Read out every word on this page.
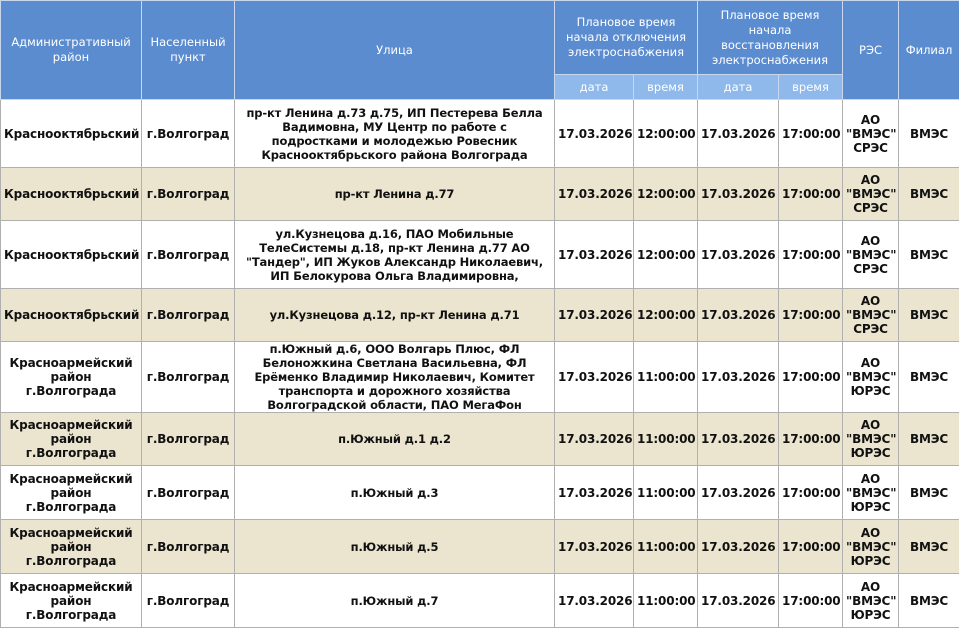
Административный район	Населенный пункт	Улица	Плановое время начала отключения электроснабжения		Плановое время начала восстановления электроснабжения		РЭС	Филиал
			дата	время	дата	время		
Краснооктябрьский	г.Волгоград	пр-кт Ленина д.73 д.75, ИП Пестерева Белла Вадимовна, МУ Центр по работе с подростками и молодежью Ровесник Краснооктябрьского района Волгограда	17.03.2026	12:00:00	17.03.2026	17:00:00	АО "ВМЭС" СРЭС	ВМЭС
Краснооктябрьский	г.Волгоград	пр-кт Ленина д.77	17.03.2026	12:00:00	17.03.2026	17:00:00	АО "ВМЭС" СРЭС	ВМЭС
Краснооктябрьский	г.Волгоград	ул.Кузнецова д.16, ПАО Мобильные ТелеСистемы д.18, пр-кт Ленина д.77 АО "Тандер", ИП Жуков Александр Николаевич, ИП Белокурова Ольга Владимировна,	17.03.2026	12:00:00	17.03.2026	17:00:00	АО "ВМЭС" СРЭС	ВМЭС
Краснооктябрьский	г.Волгоград	ул.Кузнецова д.12, пр-кт Ленина д.71	17.03.2026	12:00:00	17.03.2026	17:00:00	АО "ВМЭС" СРЭС	ВМЭС
Красноармейский район г.Волгограда	г.Волгоград	п.Южный д.6, ООО Волгарь Плюс, ФЛ Белоножкина Светлана Васильевна, ФЛ Ерёменко Владимир Николаевич, Комитет транспорта и дорожного хозяйства Волгоградской области, ПАО МегаФон	17.03.2026	11:00:00	17.03.2026	17:00:00	АО "ВМЭС" ЮРЭС	ВМЭС
Красноармейский район г.Волгограда	г.Волгоград	п.Южный д.1 д.2	17.03.2026	11:00:00	17.03.2026	17:00:00	АО "ВМЭС" ЮРЭС	ВМЭС
Красноармейский район г.Волгограда	г.Волгоград	п.Южный д.3	17.03.2026	11:00:00	17.03.2026	17:00:00	АО "ВМЭС" ЮРЭС	ВМЭС
Красноармейский район г.Волгограда	г.Волгоград	п.Южный д.5	17.03.2026	11:00:00	17.03.2026	17:00:00	АО "ВМЭС" ЮРЭС	ВМЭС
Красноармейский район г.Волгограда	г.Волгоград	п.Южный д.7	17.03.2026	11:00:00	17.03.2026	17:00:00	АО "ВМЭС" ЮРЭС	ВМЭС
